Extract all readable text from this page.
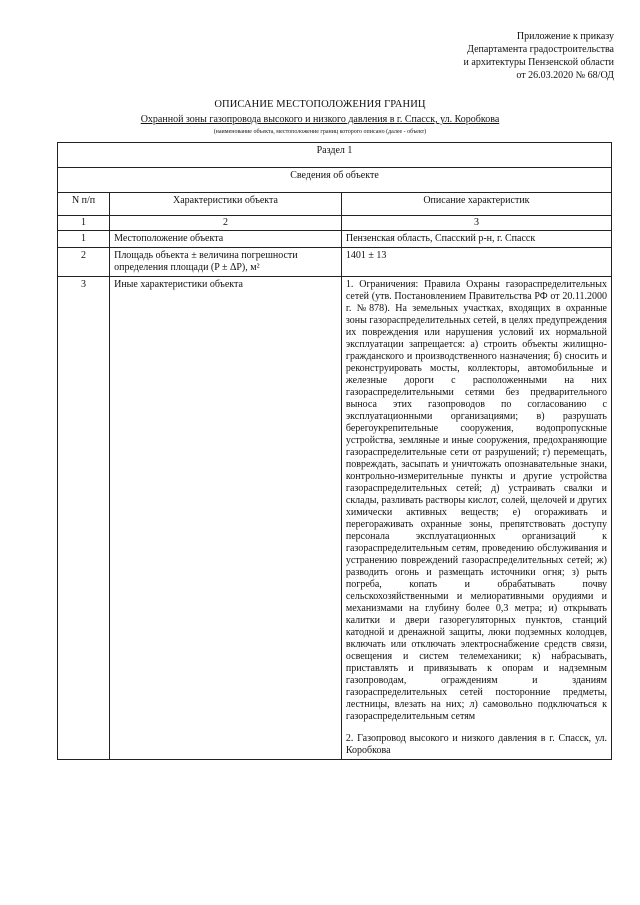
Приложение к приказу
Департамента градостроительства
и архитектуры Пензенской области
от 26.03.2020 № 68/ОД
ОПИСАНИЕ МЕСТОПОЛОЖЕНИЯ ГРАНИЦ
Охранной зоны газопровода высокого и низкого давления в г. Спасск, ул. Коробкова
(наименование объекта, местоположение границ которого описано (далее - объект)
Раздел 1		
Сведения об объекте		
N п/п	Характеристики объекта	Описание характеристик
1	2	3
1	Местоположение объекта	Пензенская область, Спасский р-н, г. Спасск
2	Площадь объекта ± величина погрешности определения площади (P ± ΔP), м²	1401 ± 13
3	Иные характеристики объекта	1. Ограничения: Правила Охраны газораспределительных сетей (утв. Постановлением Правительства РФ от 20.11.2000 г. №878). На земельных участках, входящих в охранные зоны газораспределительных сетей, в целях предупреждения их повреждения или нарушения условий их нормальной эксплуатации запрещается: а) строить объекты жилищно-гражданского и производственного назначения; б) сносить и реконструировать мосты, коллекторы, автомобильные и железные дороги с расположенными на них газораспределительными сетями без предварительного выноса этих газопроводов по согласованию с эксплуатационными организациями; в) разрушать берегоукрепительные сооружения, водопропускные устройства, земляные и иные сооружения, предохраняющие газораспределительные сети от разрушений; г) перемещать, повреждать, засыпать и уничтожать опознавательные знаки, контрольно-измерительные пункты и другие устройства газораспределительных сетей; д) устраивать свалки и склады, разливать растворы кислот, солей, щелочей и других химически активных веществ; е) огораживать и перегораживать охранные зоны, препятствовать доступу персонала эксплуатационных организаций к газораспределительным сетям, проведению обслуживания и устранению повреждений газораспределительных сетей; ж) разводить огонь и размещать источники огня; з) рыть погреба, копать и обрабатывать почву сельскохозяйственными и мелиоративными орудиями и механизмами на глубину более 0,3 метра; и) открывать калитки и двери газорегуляторных пунктов, станций катодной и дренажной защиты, люки подземных колодцев, включать или отключать электроснабжение средств связи, освещения и систем телемеханики; к) набрасывать, приставлять и привязывать к опорам и надземным газопроводам, ограждениям и зданиям газораспределительных сетей посторонние предметы, лестницы, влезать на них; л) самовольно подключаться к газораспределительным сетям
2. Газопровод высокого и низкого давления в г. Спасск, ул. Коробкова
